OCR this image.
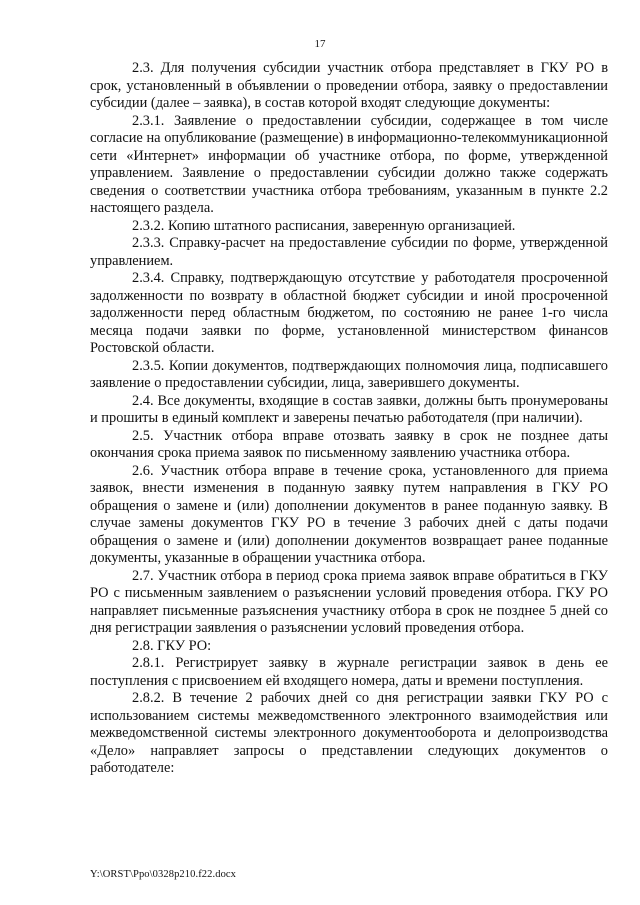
17

2.3. Для получения субсидии участник отбора представляет в ГКУ РО в срок, установленный в объявлении о проведении отбора, заявку о предоставлении субсидии (далее – заявка), в состав которой входят следующие документы:

2.3.1. Заявление о предоставлении субсидии, содержащее в том числе согласие на опубликование (размещение) в информационно-телекоммуникационной сети «Интернет» информации об участнике отбора, по форме, утвержденной управлением. Заявление о предоставлении субсидии должно также содержать сведения о соответствии участника отбора требованиям, указанным в пункте 2.2 настоящего раздела.

2.3.2. Копию штатного расписания, заверенную организацией.

2.3.3. Справку-расчет на предоставление субсидии по форме, утвержденной управлением.

2.3.4. Справку, подтверждающую отсутствие у работодателя просроченной задолженности по возврату в областной бюджет субсидии и иной просроченной задолженности перед областным бюджетом, по состоянию не ранее 1-го числа месяца подачи заявки по форме, установленной министерством финансов Ростовской области.

2.3.5. Копии документов, подтверждающих полномочия лица, подписавшего заявление о предоставлении субсидии, лица, заверившего документы.

2.4. Все документы, входящие в состав заявки, должны быть пронумерованы и прошиты в единый комплект и заверены печатью работодателя (при наличии).

2.5. Участник отбора вправе отозвать заявку в срок не позднее даты окончания срока приема заявок по письменному заявлению участника отбора.

2.6. Участник отбора вправе в течение срока, установленного для приема заявок, внести изменения в поданную заявку путем направления в ГКУ РО обращения о замене и (или) дополнении документов в ранее поданную заявку. В случае замены документов ГКУ РО в течение 3 рабочих дней с даты подачи обращения о замене и (или) дополнении документов возвращает ранее поданные документы, указанные в обращении участника отбора.

2.7. Участник отбора в период срока приема заявок вправе обратиться в ГКУ РО с письменным заявлением о разъяснении условий проведения отбора. ГКУ РО направляет письменные разъяснения участнику отбора в срок не позднее 5 дней со дня регистрации заявления о разъяснении условий проведения отбора.

2.8. ГКУ РО:

2.8.1. Регистрирует заявку в журнале регистрации заявок в день ее поступления с присвоением ей входящего номера, даты и времени поступления.

2.8.2. В течение 2 рабочих дней со дня регистрации заявки ГКУ РО с использованием системы межведомственного электронного взаимодействия или межведомственной системы электронного документооборота и делопроизводства «Дело» направляет запросы о представлении следующих документов о работодателе:

Y:\ORST\Ppo\0328p210.f22.docx
